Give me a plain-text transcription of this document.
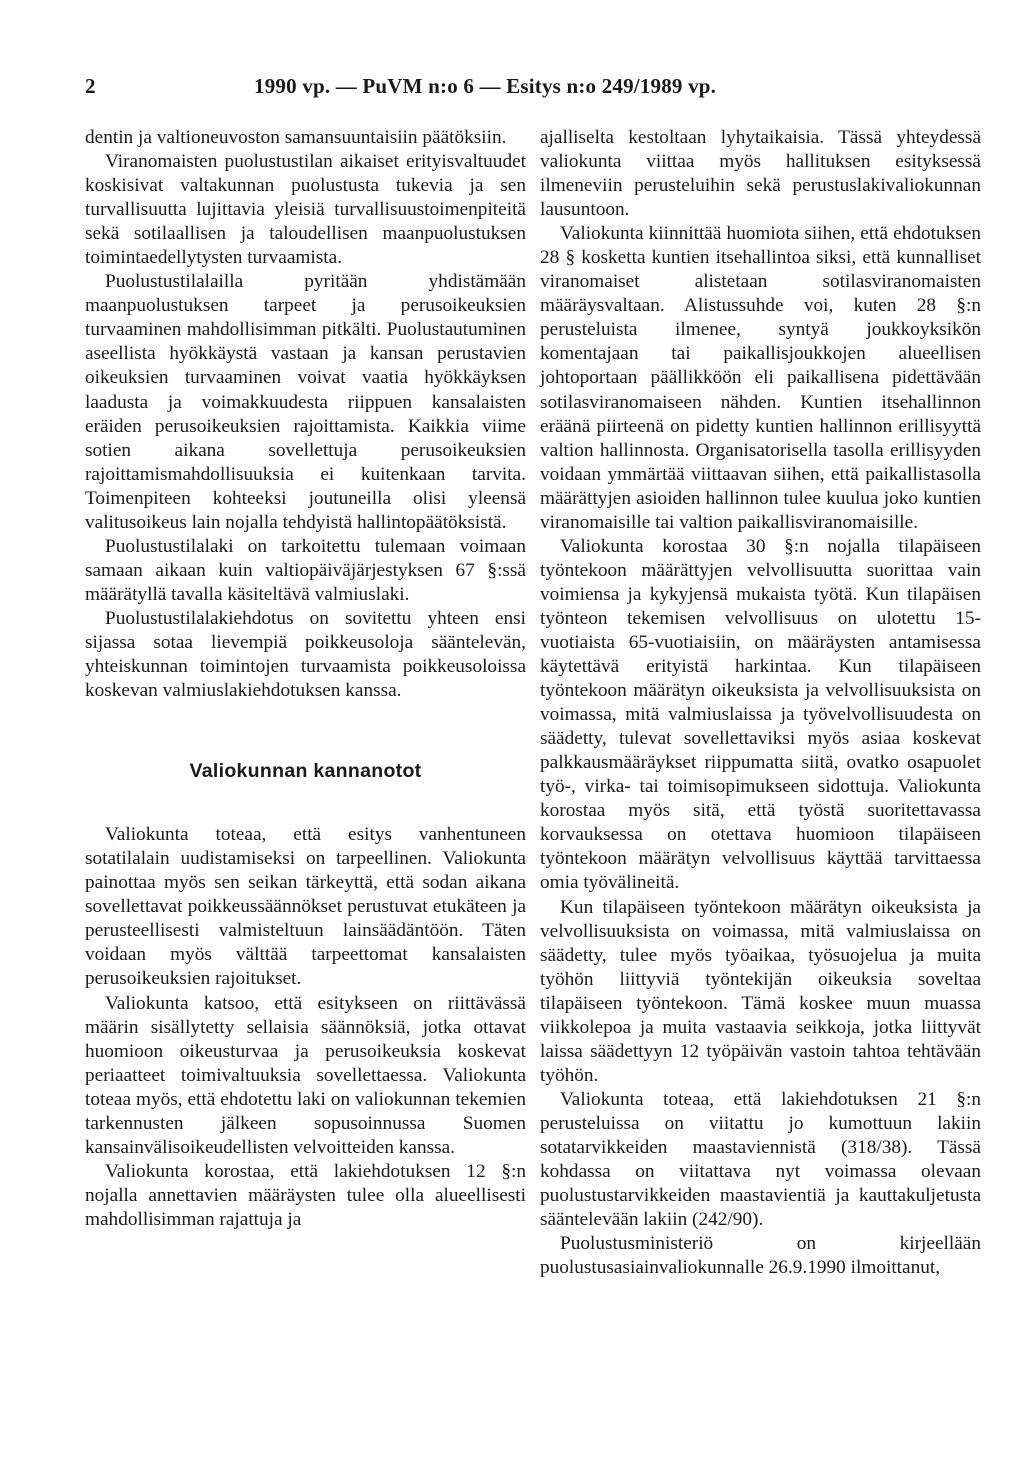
2	1990 vp. — PuVM n:o 6 — Esitys n:o 249/1989 vp.

dentin ja valtioneuvoston samansuuntaisiin päätöksiin.

Viranomaisten puolustustilan aikaiset erityisvaltuudet koskisivat valtakunnan puolustusta tukevia ja sen turvallisuutta lujittavia yleisiä turvallisuustoimenpiteitä sekä sotilaallisen ja taloudellisen maanpuolustuksen toimintaedellytysten turvaamista.

Puolustustilalailla pyritään yhdistämään maanpuolustuksen tarpeet ja perusoikeuksien turvaaminen mahdollisimman pitkälti. Puolustautuminen aseellista hyökkäystä vastaan ja kansan perustavien oikeuksien turvaaminen voivat vaatia hyökkäyksen laadusta ja voimakkuudesta riippuen kansalaisten eräiden perusoikeuksien rajoittamista. Kaikkia viime sotien aikana sovellettuja perusoikeuksien rajoittamismahdollisuuksia ei kuitenkaan tarvita. Toimenpiteen kohteeksi joutuneilla olisi yleensä valitusoikeus lain nojalla tehdyistä hallintopäätöksistä.

Puolustustilalaki on tarkoitettu tulemaan voimaan samaan aikaan kuin valtiopäiväjärjestyksen 67 §:ssä määrätyllä tavalla käsiteltävä valmiuslaki.

Puolustustilalakiehdotus on sovitettu yhteen ensi sijassa sotaa lievempiä poikkeusoloja sääntelevän, yhteiskunnan toimintojen turvaamista poikkeusoloissa koskevan valmiuslakiehdotuksen kanssa.

Valiokunnan kannanotot

Valiokunta toteaa, että esitys vanhentuneen sotatilalain uudistamiseksi on tarpeellinen. Valiokunta painottaa myös sen seikan tärkeyttä, että sodan aikana sovellettavat poikkeussäännökset perustuvat etukäteen ja perusteellisesti valmisteltuun lainsäädäntöön. Täten voidaan myös välttää tarpeettomat kansalaisten perusoikeuksien rajoitukset.

Valiokunta katsoo, että esitykseen on riittävässä määrin sisällytetty sellaisia säännöksiä, jotka ottavat huomioon oikeusturvaa ja perusoikeuksia koskevat periaatteet toimivaltuuksia sovellettaessa. Valiokunta toteaa myös, että ehdotettu laki on valiokunnan tekemien tarkennusten jälkeen sopusoinnussa Suomen kansainvälisoikeudellisten velvoitteiden kanssa.

Valiokunta korostaa, että lakiehdotuksen 12 §:n nojalla annettavien määräysten tulee olla alueellisesti mahdollisimman rajattuja ja

ajalliselta kestoltaan lyhytaikaisia. Tässä yhteydessä valiokunta viittaa myös hallituksen esityksessä ilmeneviin perusteluihin sekä perustuslakivaliokunnan lausuntoon.

Valiokunta kiinnittää huomiota siihen, että ehdotuksen 28 § kosketta kuntien itsehallintoa siksi, että kunnalliset viranomaiset alistetaan sotilasviranomaisten määräysvaltaan. Alistussuhde voi, kuten 28 §:n perusteluista ilmenee, syntyä joukkoyksikön komentajaan tai paikallisjoukkojen alueellisen johtoportaan päällikköön eli paikallisena pidettävään sotilasviranomaiseen nähden. Kuntien itsehallinnon eräänä piirteenä on pidetty kuntien hallinnon erillisyyttä valtion hallinnosta. Organisatorisella tasolla erillisyyden voidaan ymmärtää viittaavan siihen, että paikallistasolla määrättyjen asioiden hallinnon tulee kuulua joko kuntien viranomaisille tai valtion paikallisviranomaisille.

Valiokunta korostaa 30 §:n nojalla tilapäiseen työntekoon määrättyjen velvollisuutta suorittaa vain voimiensa ja kykyjensä mukaista työtä. Kun tilapäisen työnteon tekemisen velvollisuus on ulotettu 15-vuotiaista 65-vuotiaisiin, on määräysten antamisessa käytettävä erityistä harkintaa. Kun tilapäiseen työntekoon määrätyn oikeuksista ja velvollisuuksista on voimassa, mitä valmiuslaissa ja työvelvollisuudesta on säädetty, tulevat sovellettaviksi myös asiaa koskevat palkkausmääräykset riippumatta siitä, ovatko osapuolet työ-, virka- tai toimisopimukseen sidottuja. Valiokunta korostaa myös sitä, että työstä suoritettavassa korvauksessa on otettava huomioon tilapäiseen työntekoon määrätyn velvollisuus käyttää tarvittaessa omia työvälineitä.

Kun tilapäiseen työntekoon määrätyn oikeuksista ja velvollisuuksista on voimassa, mitä valmiuslaissa on säädetty, tulee myös työaikaa, työsuojelua ja muita työhön liittyviä työntekijän oikeuksia soveltaa tilapäiseen työntekoon. Tämä koskee muun muassa viikkolepoa ja muita vastaavia seikkoja, jotka liittyvät laissa säädettyyn 12 työpäivän vastoin tahtoa tehtävään työhön.

Valiokunta toteaa, että lakiehdotuksen 21 §:n perusteluissa on viitattu jo kumottuun lakiin sotatarvikkeiden maastaviennistä (318/38). Tässä kohdassa on viitattava nyt voimassa olevaan puolustustarvikkeiden maastavientiä ja kauttakuljetusta sääntelevään lakiin (242/90).

Puolustusministeriö on kirjeellään puolustusasiainvaliokunnalle 26.9.1990 ilmoittanut,
